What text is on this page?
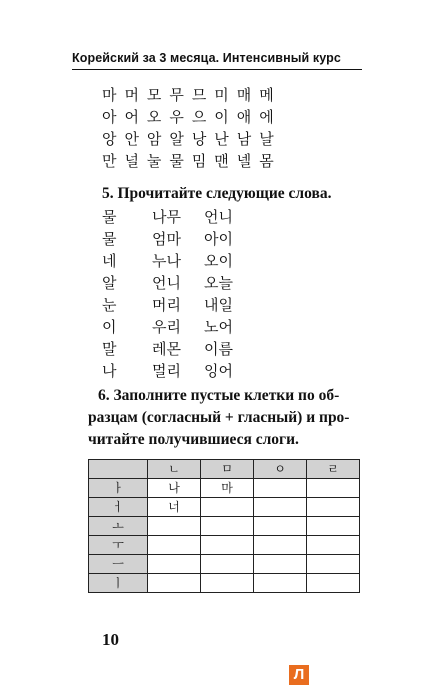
Корейский за 3 месяца. Интенсивный курс
마 머 모 무 므 미 매 메
아 어 오 우 으 이 애 에
앙 안 암 알 낭 난 남 날
만 널 눌 물 밈 맨 넬 몸
5. Прочитайте следующие слова.
물 나무 언니
물 엄마 아이
네 누나 오이
알 언니 오늘
눈 머리 내일
이 우리 노어
말 레몬 이름
나 멀리 잉어
6. Заполните пустые клетки по об-
разцам (согласный + гласный) и про-
читайте получившиеся слоги.
	ㄴ	ㅁ	ㅇ	ㄹ
ㅏ	나	마		
ㅓ	너			
ㅗ				
ㅜ				
ㅡ				
ㅣ				
10
Л
